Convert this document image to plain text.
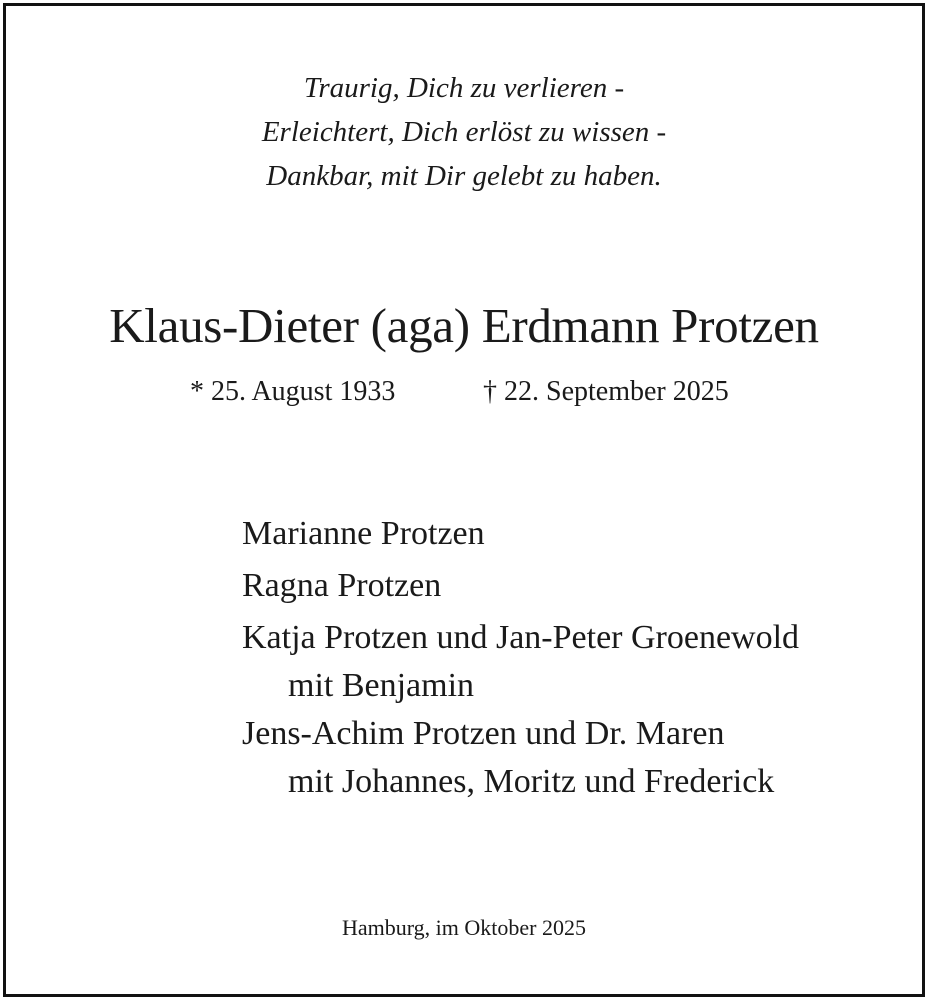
Traurig, Dich zu verlieren -
Erleichtert, Dich erlöst zu wissen -
Dankbar, mit Dir gelebt zu haben.
Klaus-Dieter (aga) Erdmann Protzen
* 25. August 1933	† 22. September 2025
Marianne Protzen
Ragna Protzen
Katja Protzen und Jan-Peter Groenewold
mit Benjamin
Jens-Achim Protzen und Dr. Maren
mit Johannes, Moritz und Frederick
Hamburg, im Oktober 2025
